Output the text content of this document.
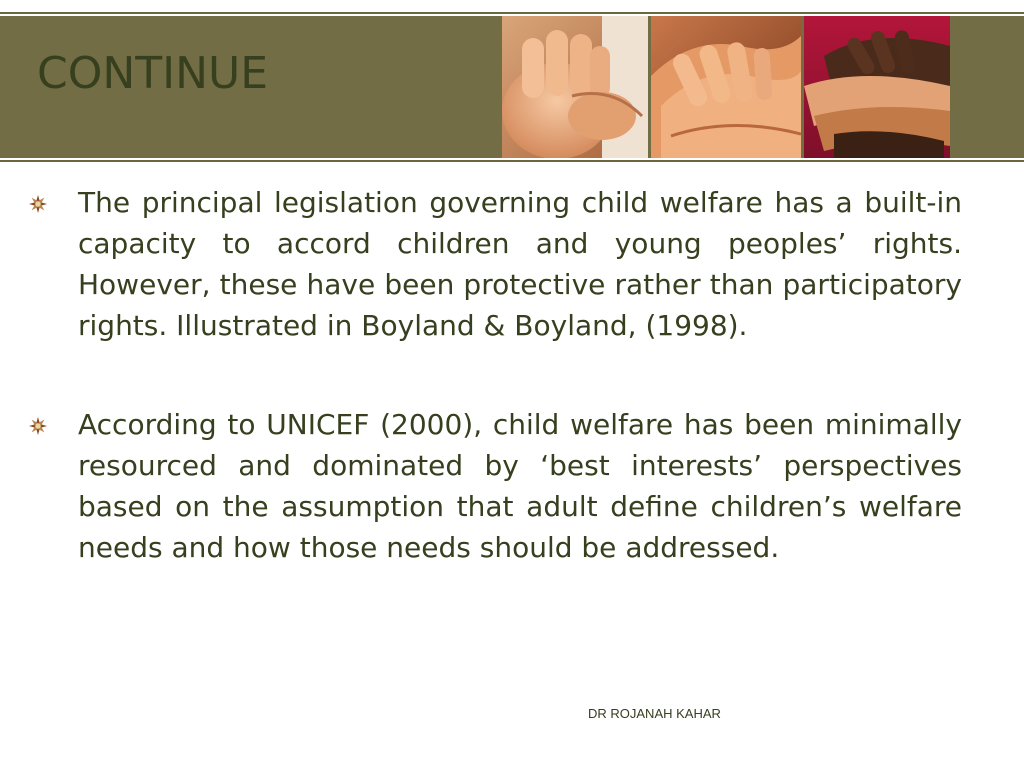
CONTINUE

The principal legislation governing child welfare has a built-in capacity to accord children and young peoples’ rights. However, these have been protective rather than participatory rights. Illustrated in Boyland & Boyland, (1998).

According to UNICEF (2000), child welfare has been minimally resourced and dominated by ‘best interests’ perspectives based on the assumption that adult define children’s welfare needs and how those needs should be addressed.

DR ROJANAH KAHAR
